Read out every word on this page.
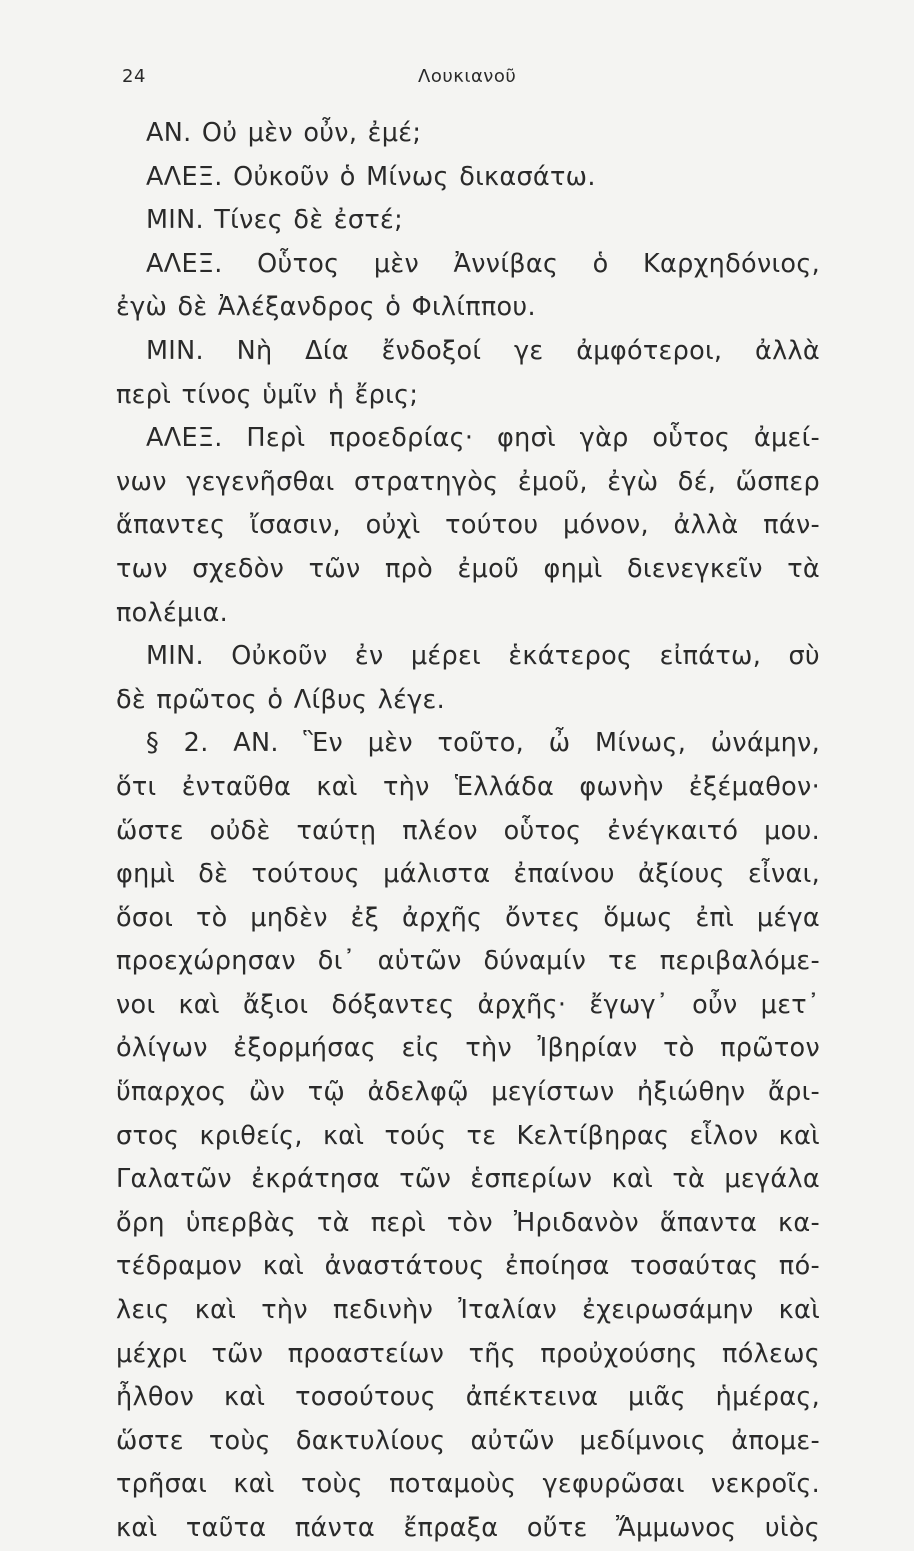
24	Λουκιανοῦ
ΑΝ. Οὐ μὲν οὖν, ἐμέ;
ΑΛΕΞ. Οὐκοῦν ὁ Μίνως δικασάτω.
ΜΙΝ. Τίνες δὲ ἐστέ;
ΑΛΕΞ. Οὗτος μὲν Ἀννίβας ὁ Καρχηδόνιος,
ἐγὼ δὲ Ἀλέξανδρος ὁ Φιλίππου.
ΜΙΝ. Νὴ Δία ἔνδοξοί γε ἀμφότεροι, ἀλλὰ
περὶ τίνος ὑμῖν ἡ ἔρις;
ΑΛΕΞ. Περὶ προεδρίας· φησὶ γὰρ οὗτος ἀμεί-
νων γεγενῆσθαι στρατηγὸς ἐμοῦ, ἐγὼ δέ, ὥσπερ
ἅπαντες ἴσασιν, οὐχὶ τούτου μόνον, ἀλλὰ πάν-
των σχεδὸν τῶν πρὸ ἐμοῦ φημὶ διενεγκεῖν τὰ
πολέμια.
ΜΙΝ. Οὐκοῦν ἐν μέρει ἑκάτερος εἰπάτω, σὺ
δὲ πρῶτος ὁ Λίβυς λέγε.
§ 2. ΑΝ. Ἓν μὲν τοῦτο, ὦ Μίνως, ὠνάμην,
ὅτι ἐνταῦθα καὶ τὴν Ἑλλάδα φωνὴν ἐξέμαθον·
ὥστε οὐδὲ ταύτῃ πλέον οὗτος ἐνέγκαιτό μου.
φημὶ δὲ τούτους μάλιστα ἐπαίνου ἀξίους εἶναι,
ὅσοι τὸ μηδὲν ἐξ ἀρχῆς ὄντες ὅμως ἐπὶ μέγα
προεχώρησαν δι᾽ αὑτῶν δύναμίν τε περιβαλόμε-
νοι καὶ ἄξιοι δόξαντες ἀρχῆς· ἔγωγ᾽ οὖν μετ᾽
ὀλίγων ἐξορμήσας εἰς τὴν Ἰβηρίαν τὸ πρῶτον
ὕπαρχος ὢν τῷ ἀδελφῷ μεγίστων ἠξιώθην ἄρι-
στος κριθείς, καὶ τούς τε Κελτίβηρας εἷλον καὶ
Γαλατῶν ἐκράτησα τῶν ἑσπερίων καὶ τὰ μεγάλα
ὄρη ὑπερβὰς τὰ περὶ τὸν Ἠριδανὸν ἅπαντα κα-
τέδραμον καὶ ἀναστάτους ἐποίησα τοσαύτας πό-
λεις καὶ τὴν πεδινὴν Ἰταλίαν ἐχειρωσάμην καὶ
μέχρι τῶν προαστείων τῆς προὐχούσης πόλεως
ἦλθον καὶ τοσούτους ἀπέκτεινα μιᾶς ἡμέρας,
ὥστε τοὺς δακτυλίους αὐτῶν μεδίμνοις ἀπομε-
τρῆσαι καὶ τοὺς ποταμοὺς γεφυρῶσαι νεκροῖς.
καὶ ταῦτα πάντα ἔπραξα οὔτε Ἄμμωνος υἱὸς
